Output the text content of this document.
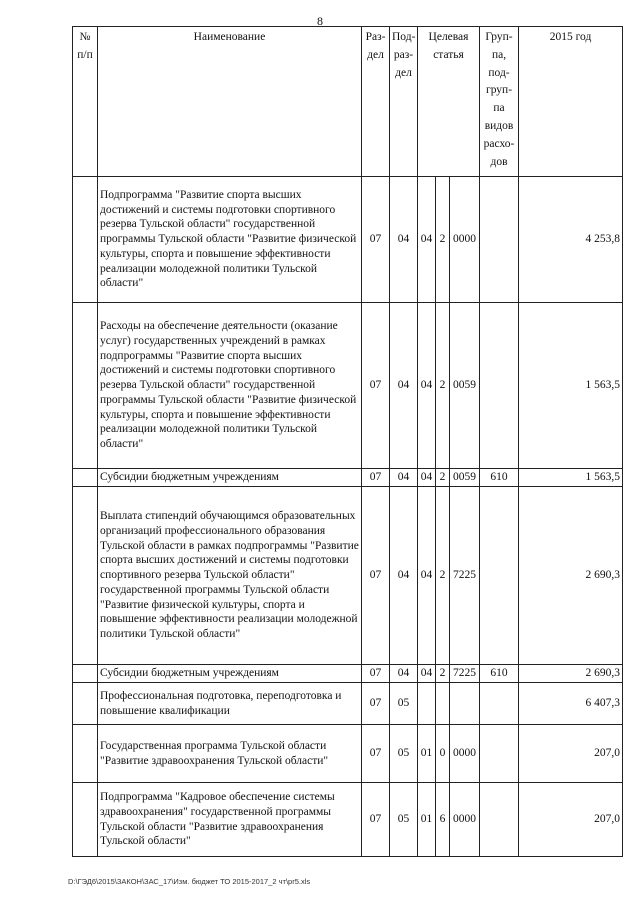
8
№ п/п	Наименование	Раз-дел	Под-раз-дел	Целевая статья			Груп-па, под-груп-па видов расхо-дов	2015 год
	Подпрограмма "Развитие спорта высших достижений и системы подготовки спортивного резерва Тульской области" государственной программы Тульской области "Развитие физической культуры, спорта и повышение эффективности реализации молодежной политики Тульской области"	07	04	04	2	0000		4 253,8
	Расходы на обеспечение деятельности (оказание услуг) государственных учреждений в рамках подпрограммы "Развитие спорта высших достижений и системы подготовки спортивного резерва Тульской области" государственной программы Тульской области "Развитие физической культуры, спорта и повышение эффективности реализации молодежной политики Тульской области"	07	04	04	2	0059		1 563,5
	Субсидии бюджетным учреждениям	07	04	04	2	0059	610	1 563,5
	Выплата стипендий обучающимся образовательных организаций профессионального образования Тульской области в рамках подпрограммы "Развитие спорта высших достижений и системы подготовки спортивного резерва Тульской области" государственной программы Тульской области "Развитие физической культуры, спорта и повышение эффективности реализации молодежной политики Тульской области"	07	04	04	2	7225		2 690,3
	Субсидии бюджетным учреждениям	07	04	04	2	7225	610	2 690,3
	Профессиональная подготовка, переподготовка и повышение квалификации	07	05					6 407,3
	Государственная программа Тульской области "Развитие здравоохранения Тульской области"	07	05	01	0	0000		207,0
	Подпрограмма "Кадровое обеспечение системы здравоохранения" государственной программы Тульской области "Развитие здравоохранения Тульской области"	07	05	01	6	0000		207,0
D:\ГЭД6\2015\ЗАКОН\ЗАС_17\Изм. бюджет ТО 2015-2017_2 чт\pr5.xls
